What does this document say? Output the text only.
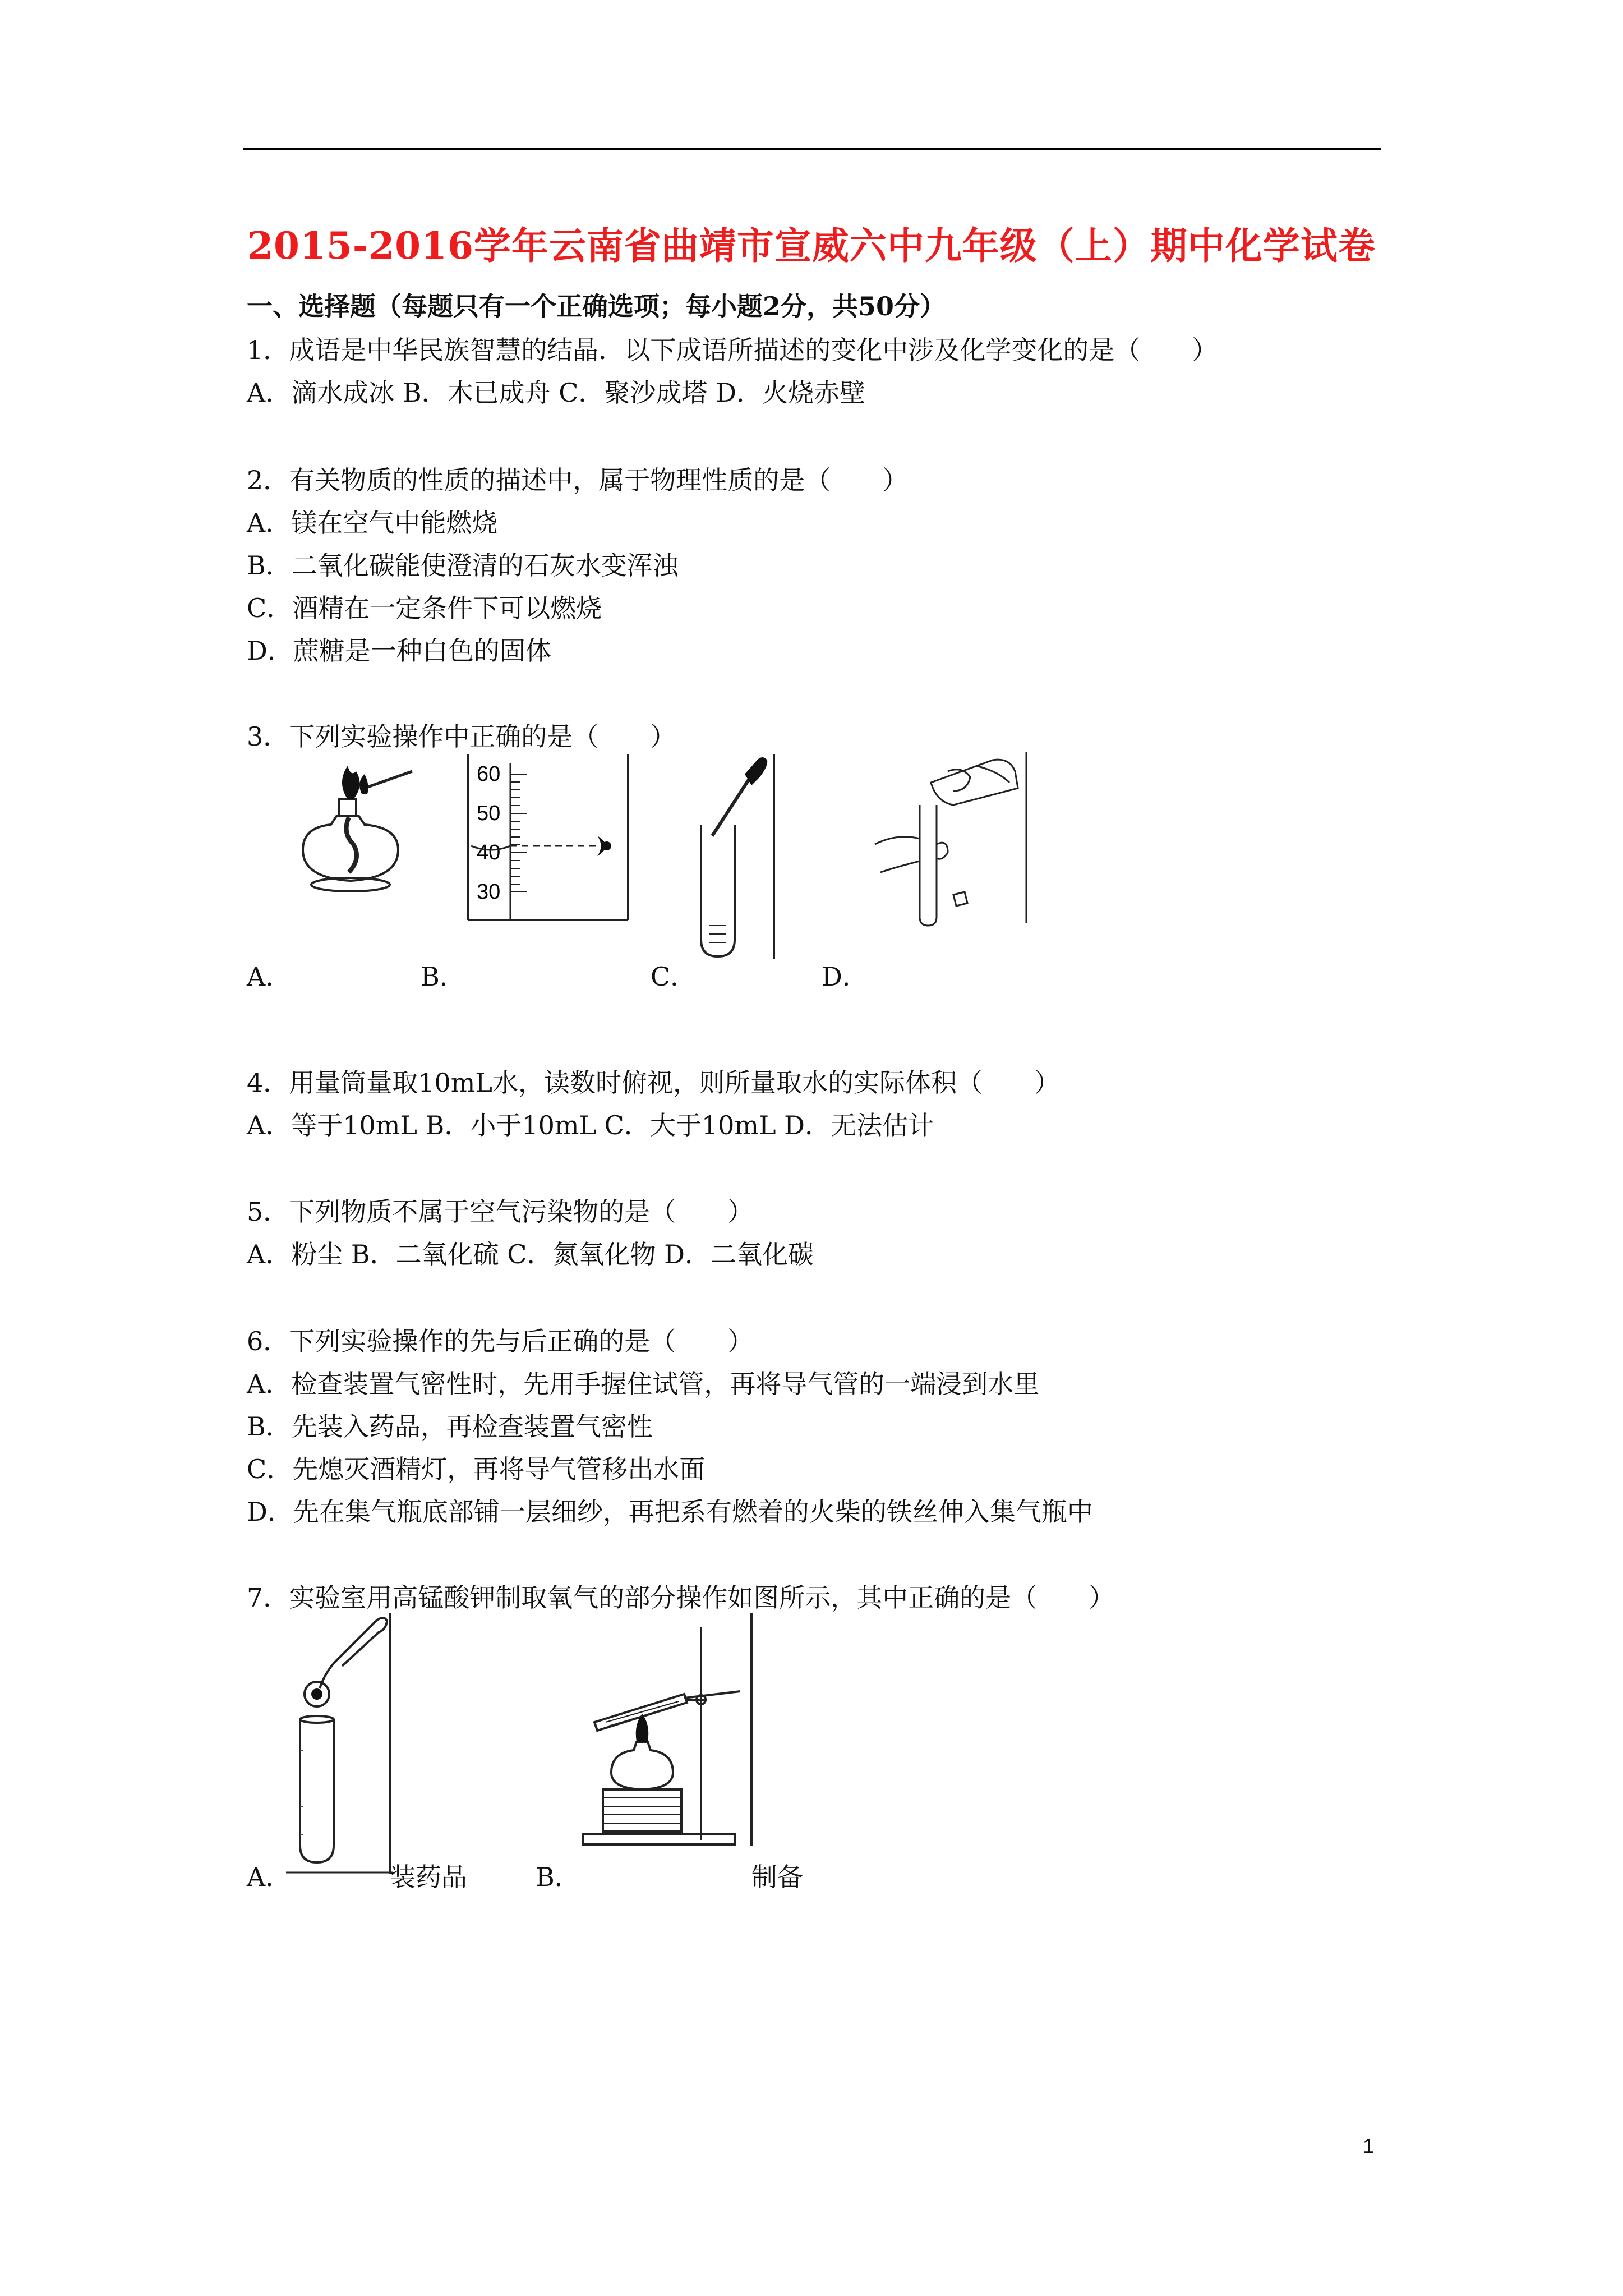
2015-2016学年云南省曲靖市宣威六中九年级（上）期中化学试卷
一、选择题（每题只有一个正确选项；每小题2分，共50分）
1．成语是中华民族智慧的结晶．以下成语所描述的变化中涉及化学变化的是（　　）
A．滴水成冰 B．木已成舟 C．聚沙成塔 D．火烧赤壁
2．有关物质的性质的描述中，属于物理性质的是（　　）
A．镁在空气中能燃烧
B．二氧化碳能使澄清的石灰水变浑浊
C．酒精在一定条件下可以燃烧
D．蔗糖是一种白色的固体
3．下列实验操作中正确的是（　　）
60
50
40
30
A．	B．	C．	D．
4．用量筒量取10mL水，读数时俯视，则所量取水的实际体积（　　）
A．等于10mL B．小于10mL C．大于10mL D．无法估计
5．下列物质不属于空气污染物的是（　　）
A．粉尘 B．二氧化硫 C．氮氧化物 D．二氧化碳
6．下列实验操作的先与后正确的是（　　）
A．检查装置气密性时，先用手握住试管，再将导气管的一端浸到水里
B．先装入药品，再检查装置气密性
C．先熄灭酒精灯，再将导气管移出水面
D．先在集气瓶底部铺一层细纱，再把系有燃着的火柴的铁丝伸入集气瓶中
7．实验室用高锰酸钾制取氧气的部分操作如图所示，其中正确的是（　　）
A．	装药品	B．	制备
1
